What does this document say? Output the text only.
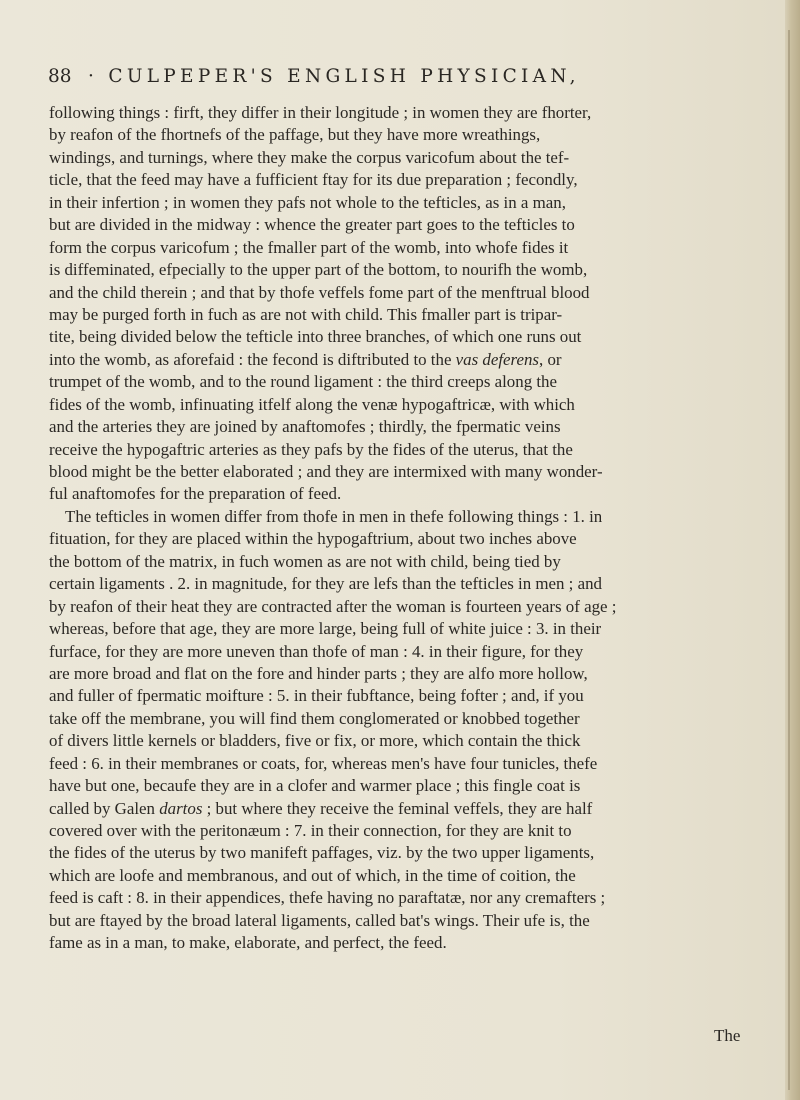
88 · CULPEPER'S ENGLISH PHYSICIAN,
following things : firft, they differ in their longitude ; in women they are fhorter,
by reafon of the fhortnefs of the paffage, but they have more wreathings,
windings, and turnings, where they make the corpus varicofum about the tef-
ticle, that the feed may have a fufficient ftay for its due preparation ; fecondly,
in their infertion ; in women they pafs not whole to the tefticles, as in a man,
but are divided in the midway : whence the greater part goes to the tefticles to
form the corpus varicofum ; the fmaller part of the womb, into whofe fides it
is diffeminated, efpecially to the upper part of the bottom, to nourifh the womb,
and the child therein ; and that by thofe veffels fome part of the menftrual blood
may be purged forth in fuch as are not with child. This fmaller part is tripar-
tite, being divided below the tefticle into three branches, of which one runs out
into the womb, as aforefaid : the fecond is diftributed to the vas deferens, or
trumpet of the womb, and to the round ligament : the third creeps along the
fides of the womb, infinuating itfelf along the venæ hypogaftricæ, with which
and the arteries they are joined by anaftomofes ; thirdly, the fpermatic veins
receive the hypogaftric arteries as they pafs by the fides of the uterus, that the
blood might be the better elaborated ; and they are intermixed with many wonder-
ful anaftomofes for the preparation of feed.
The tefticles in women differ from thofe in men in thefe following things : 1. in
fituation, for they are placed within the hypogaftrium, about two inches above
the bottom of the matrix, in fuch women as are not with child, being tied by
certain ligaments . 2. in magnitude, for they are lefs than the tefticles in men ; and
by reafon of their heat they are contracted after the woman is fourteen years of age ;
whereas, before that age, they are more large, being full of white juice : 3. in their
furface, for they are more uneven than thofe of man : 4. in their figure, for they
are more broad and flat on the fore and hinder parts ; they are alfo more hollow,
and fuller of fpermatic moifture : 5. in their fubftance, being fofter ; and, if you
take off the membrane, you will find them conglomerated or knobbed together
of divers little kernels or bladders, five or fix, or more, which contain the thick
feed : 6. in their membranes or coats, for, whereas men's have four tunicles, thefe
have but one, becaufe they are in a clofer and warmer place ; this fingle coat is
called by Galen dartos ; but where they receive the feminal veffels, they are half
covered over with the peritonæum : 7. in their connection, for they are knit to
the fides of the uterus by two manifeft paffages, viz. by the two upper ligaments,
which are loofe and membranous, and out of which, in the time of coition, the
feed is caft : 8. in their appendices, thefe having no paraftatæ, nor any cremafters ;
but are ftayed by the broad lateral ligaments, called bat's wings. Their ufe is, the
fame as in a man, to make, elaborate, and perfect, the feed.
The
